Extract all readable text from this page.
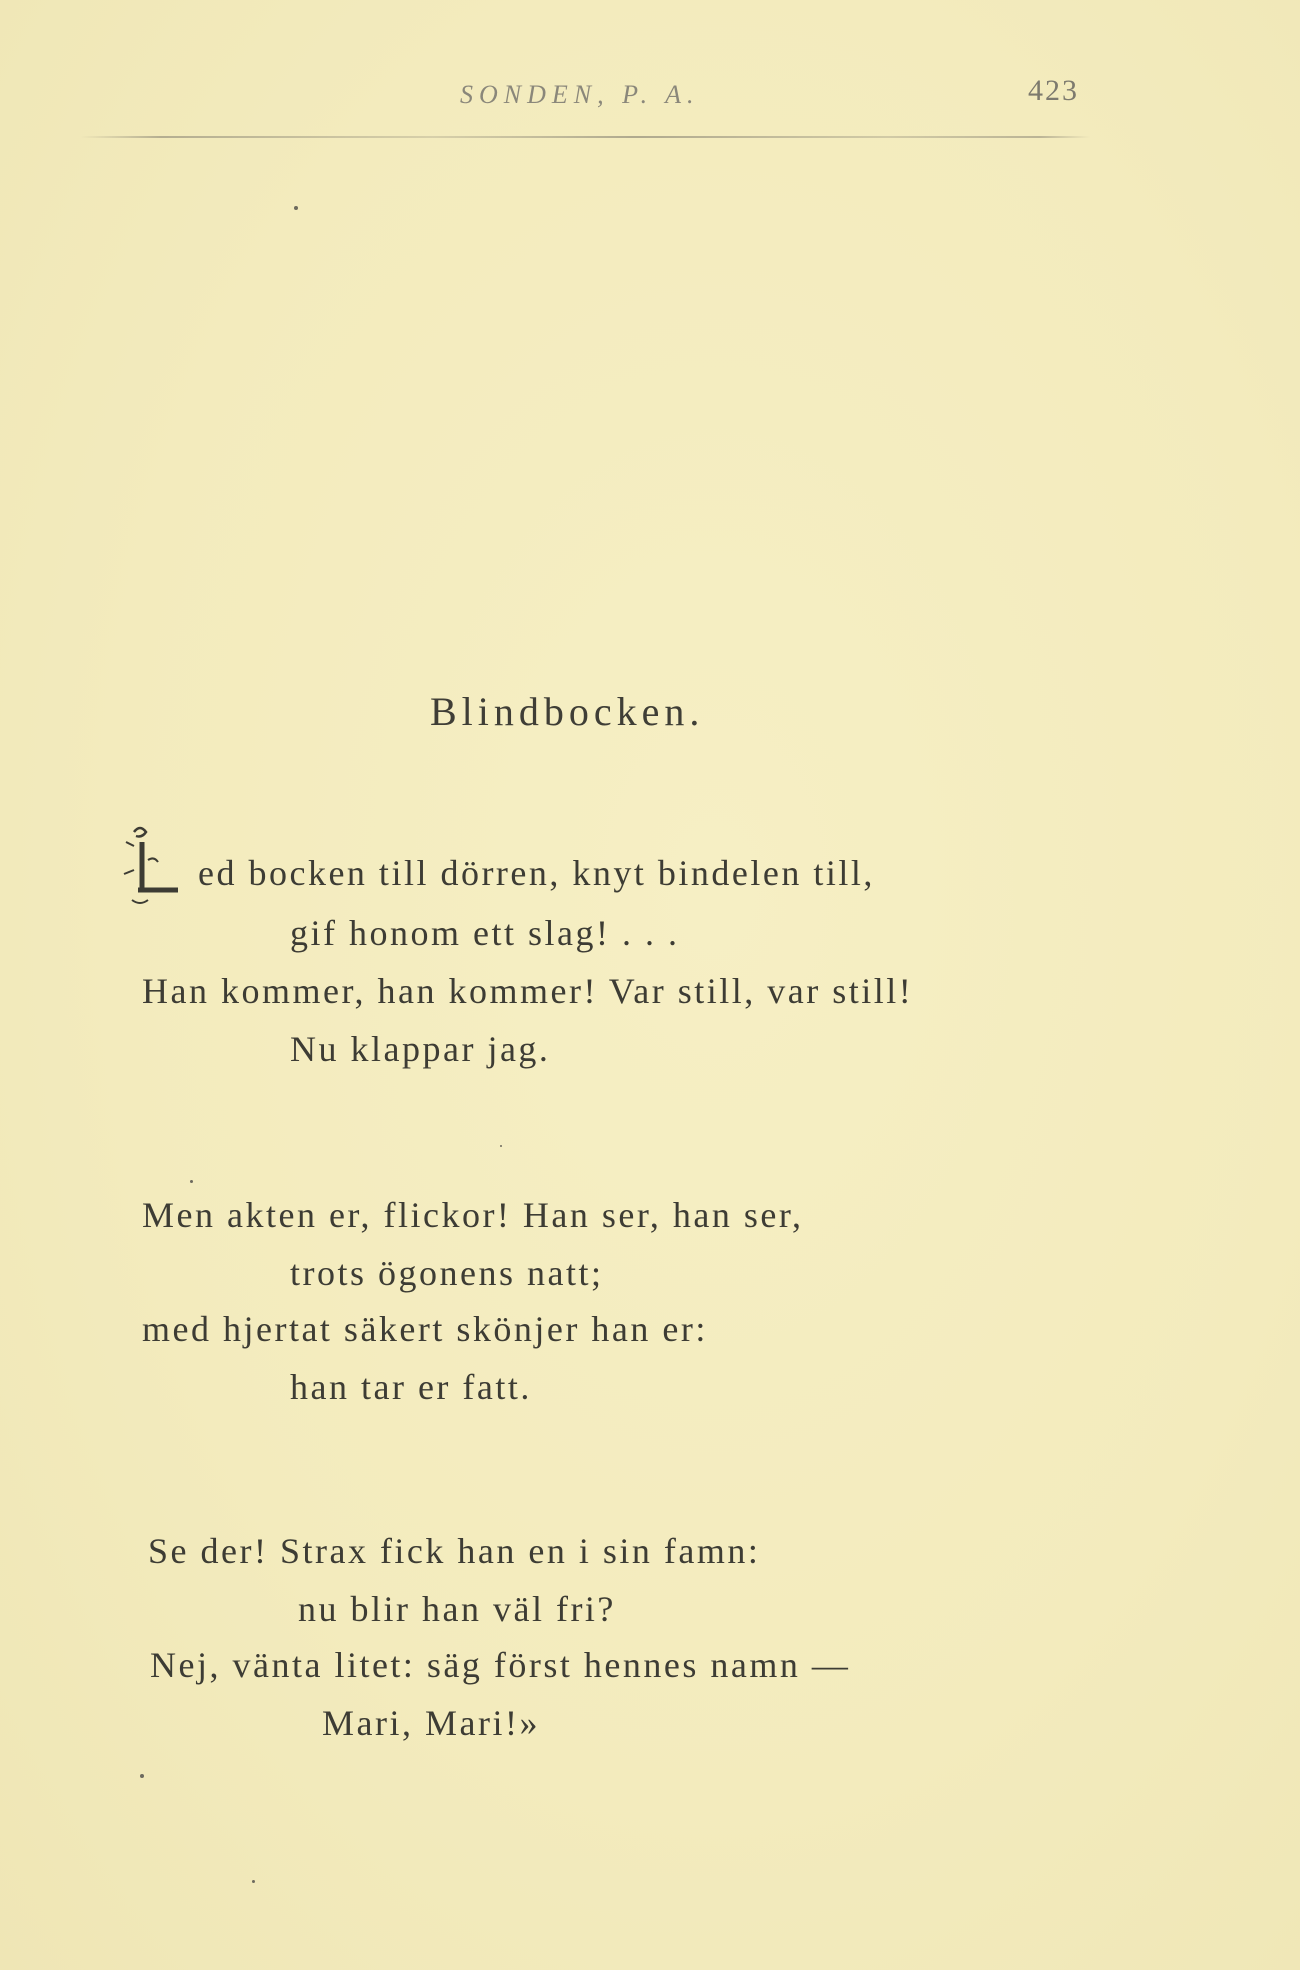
SONDEN, P. A.	423
Blindbocken.
ed bocken till dörren, knyt bindelen till,
gif honom ett slag! . . .
Han kommer, han kommer! Var still, var still!
Nu klappar jag.
Men akten er, flickor! Han ser, han ser,
trots ögonens natt;
med hjertat säkert skönjer han er:
han tar er fatt.
Se der! Strax fick han en i sin famn:
nu blir han väl fri?
Nej, vänta litet: säg först hennes namn —
Mari, Mari!»
